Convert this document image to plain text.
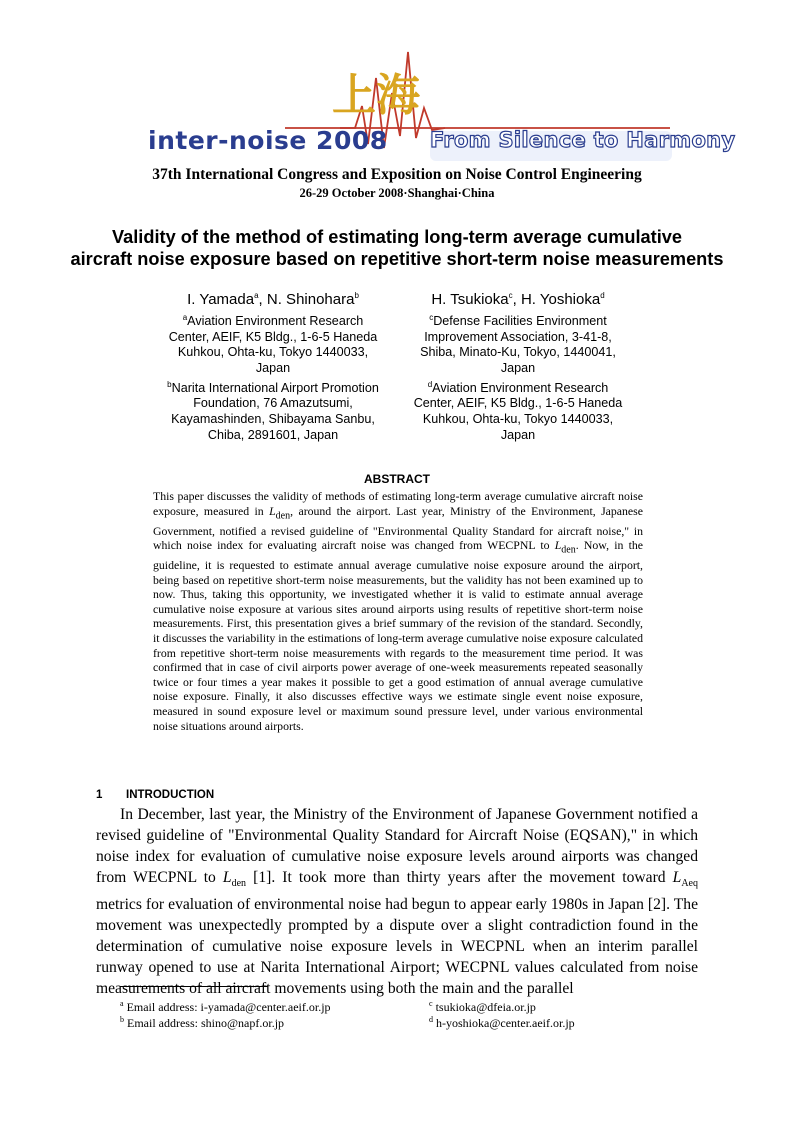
上海
inter-noise 2008 From Silence to Harmony
37th International Congress and Exposition on Noise Control Engineering
26-29 October 2008·Shanghai·China
Validity of the method of estimating long-term average cumulative
aircraft noise exposure based on repetitive short-term noise measurements
I. Yamada$^a$, N. Shinohara$^b$
$^a$Aviation Environment Research
Center, AEIF, K5 Bldg., 1-6-5 Haneda
Kuhkou, Ohta-ku, Tokyo 1440033,
Japan
$^b$Narita International Airport Promotion
Foundation, 76 Amazutsumi,
Kayamashinden, Shibayama Sanbu,
Chiba, 2891601, Japan
H. Tsukioka$^c$, H. Yoshioka$^d$
$^c$Defense Facilities Environment
Improvement Association, 3-41-8,
Shiba, Minato-Ku, Tokyo, 1440041,
Japan
$^d$Aviation Environment Research
Center, AEIF, K5 Bldg., 1-6-5 Haneda
Kuhkou, Ohta-ku, Tokyo 1440033,
Japan
ABSTRACT
This paper discusses the validity of methods of estimating long-term average cumulative aircraft noise exposure, measured in $L_{den}$, around the airport. Last year, Ministry of the Environment, Japanese Government, notified a revised guideline of "Environmental Quality Standard for aircraft noise," in which noise index for evaluating aircraft noise was changed from WECPNL to $L_{den}$. Now, in the guideline, it is requested to estimate annual average cumulative noise exposure around the airport, being based on repetitive short-term noise measurements, but the validity has not been examined up to now. Thus, taking this opportunity, we investigated whether it is valid to estimate annual average cumulative noise exposure at various sites around airports using results of repetitive short-term noise measurements. First, this presentation gives a brief summary of the revision of the standard. Secondly, it discusses the variability in the estimations of long-term average cumulative noise exposure calculated from repetitive short-term noise measurements with regards to the measurement time period. It was confirmed that in case of civil airports power average of one-week measurements repeated seasonally twice or four times a year makes it possible to get a good estimation of annual average cumulative noise exposure. Finally, it also discusses effective ways we estimate single event noise exposure, measured in sound exposure level or maximum sound pressure level, under various environmental noise situations around airports.
1 INTRODUCTION
In December, last year, the Ministry of the Environment of Japanese Government notified a revised guideline of "Environmental Quality Standard for Aircraft Noise (EQSAN)," in which noise index for evaluation of cumulative noise exposure levels around airports was changed from WECPNL to $L_{den}$ [1]. It took more than thirty years after the movement toward $L_{Aeq}$ metrics for evaluation of environmental noise had begun to appear early 1980s in Japan [2]. The movement was unexpectedly prompted by a dispute over a slight contradiction found in the determination of cumulative noise exposure levels in WECPNL when an interim parallel runway opened to use at Narita International Airport; WECPNL values calculated from noise measurements of all aircraft movements using both the main and the parallel
$^a$ Email address: i-yamada@center.aeif.or.jp
$^b$ Email address: shino@napf.or.jp
$^c$ tsukioka@dfeia.or.jp
$^d$ h-yoshioka@center.aeif.or.jp
